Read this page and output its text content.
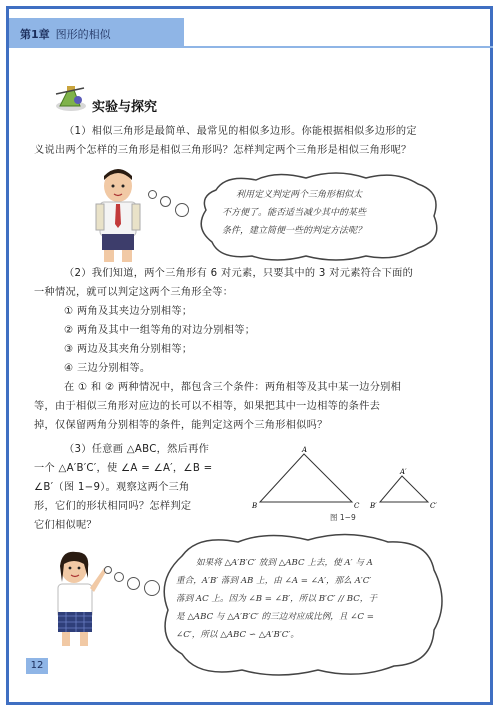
第1章 图形的相似
实验与探究
（1）相似三角形是最简单、最常见的相似多边形。你能根据相似多边形的定
义说出两个怎样的三角形是相似三角形吗？怎样判定两个三角形是相似三角形呢？
利用定义判定两个三角形相似太
不方便了。能否适当减少其中的某些
条件，建立简便一些的判定方法呢？
（2）我们知道，两个三角形有 6 对元素，只要其中的 3 对元素符合下面的
一种情况，就可以判定这两个三角形全等：
① 两角及其夹边分别相等；
② 两角及其中一组等角的对边分别相等；
③ 两边及其夹角分别相等；
④ 三边分别相等。
在 ① 和 ② 两种情况中，都包含三个条件：两角相等及其中某一边分别相
等，由于相似三角形对应边的长可以不相等，如果把其中一边相等的条件去
掉，仅保留两角分别相等的条件，能判定这两个三角形相似吗？
（3）任意画 △ABC，然后再作
一个 △A′B′C′，使 ∠A = ∠A′，∠B =
∠B′（图 1−9）。观察这两个三角
形，它们的形状相同吗？怎样判定
它们相似呢？
A
B	C
A′
B′	C′
图 1−9
如果将 △A′B′C′ 放到 △ABC 上去，使 A′ 与 A
重合，A′B′ 落到 AB 上，由 ∠A = ∠A′，那么 A′C′
落到 AC 上。因为 ∠B = ∠B′，所以 B′C′ // BC，于
是 △ABC 与 △A′B′C′ 的三边对应成比例，且 ∠C =
∠C′，所以 △ABC ∽ △A′B′C′。
12
